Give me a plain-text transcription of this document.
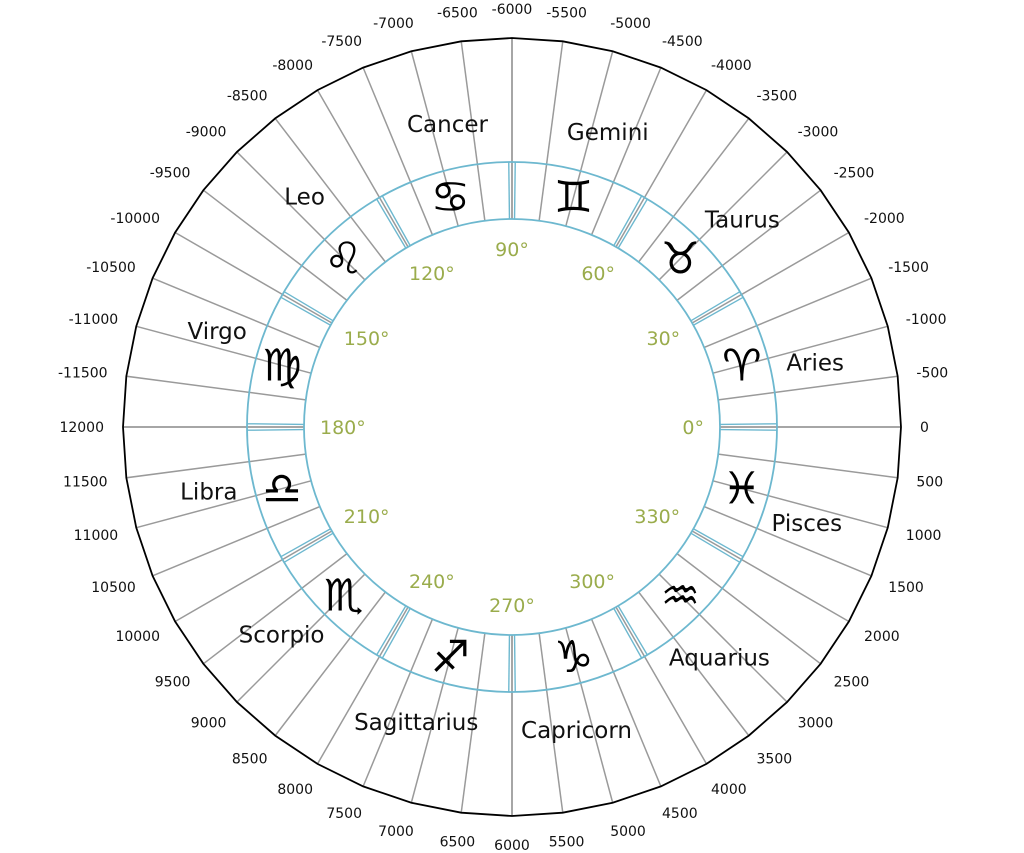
0
500
1000
1500
2000
2500
3000
3500
4000
4500
5000
5500
6000
6500
7000
7500
8000
8500
9000
9500
10000
10500
11000
11500
12000
-11500
-11000
-10500
-10000
-9500
-9000
-8500
-8000
-7500
-7000
-6500 -6000 -5500
-5000
-4500
-4000
-3500
-3000
-2500
-2000
-1500
-1000
-500
Aries
♈︎
Taurus
♉︎
Gemini
♊︎
Cancer
♋︎
Leo
♌︎
Virgo
♍︎
Libra ♎︎
Scorpio
♏︎
Sagittarius
♐︎
Capricorn
♑︎	Aquarius
♒︎
Pisces
♓︎
0°
30°
60°
90°
120°
150°
180°
210°
240°
270°
300°
330°
